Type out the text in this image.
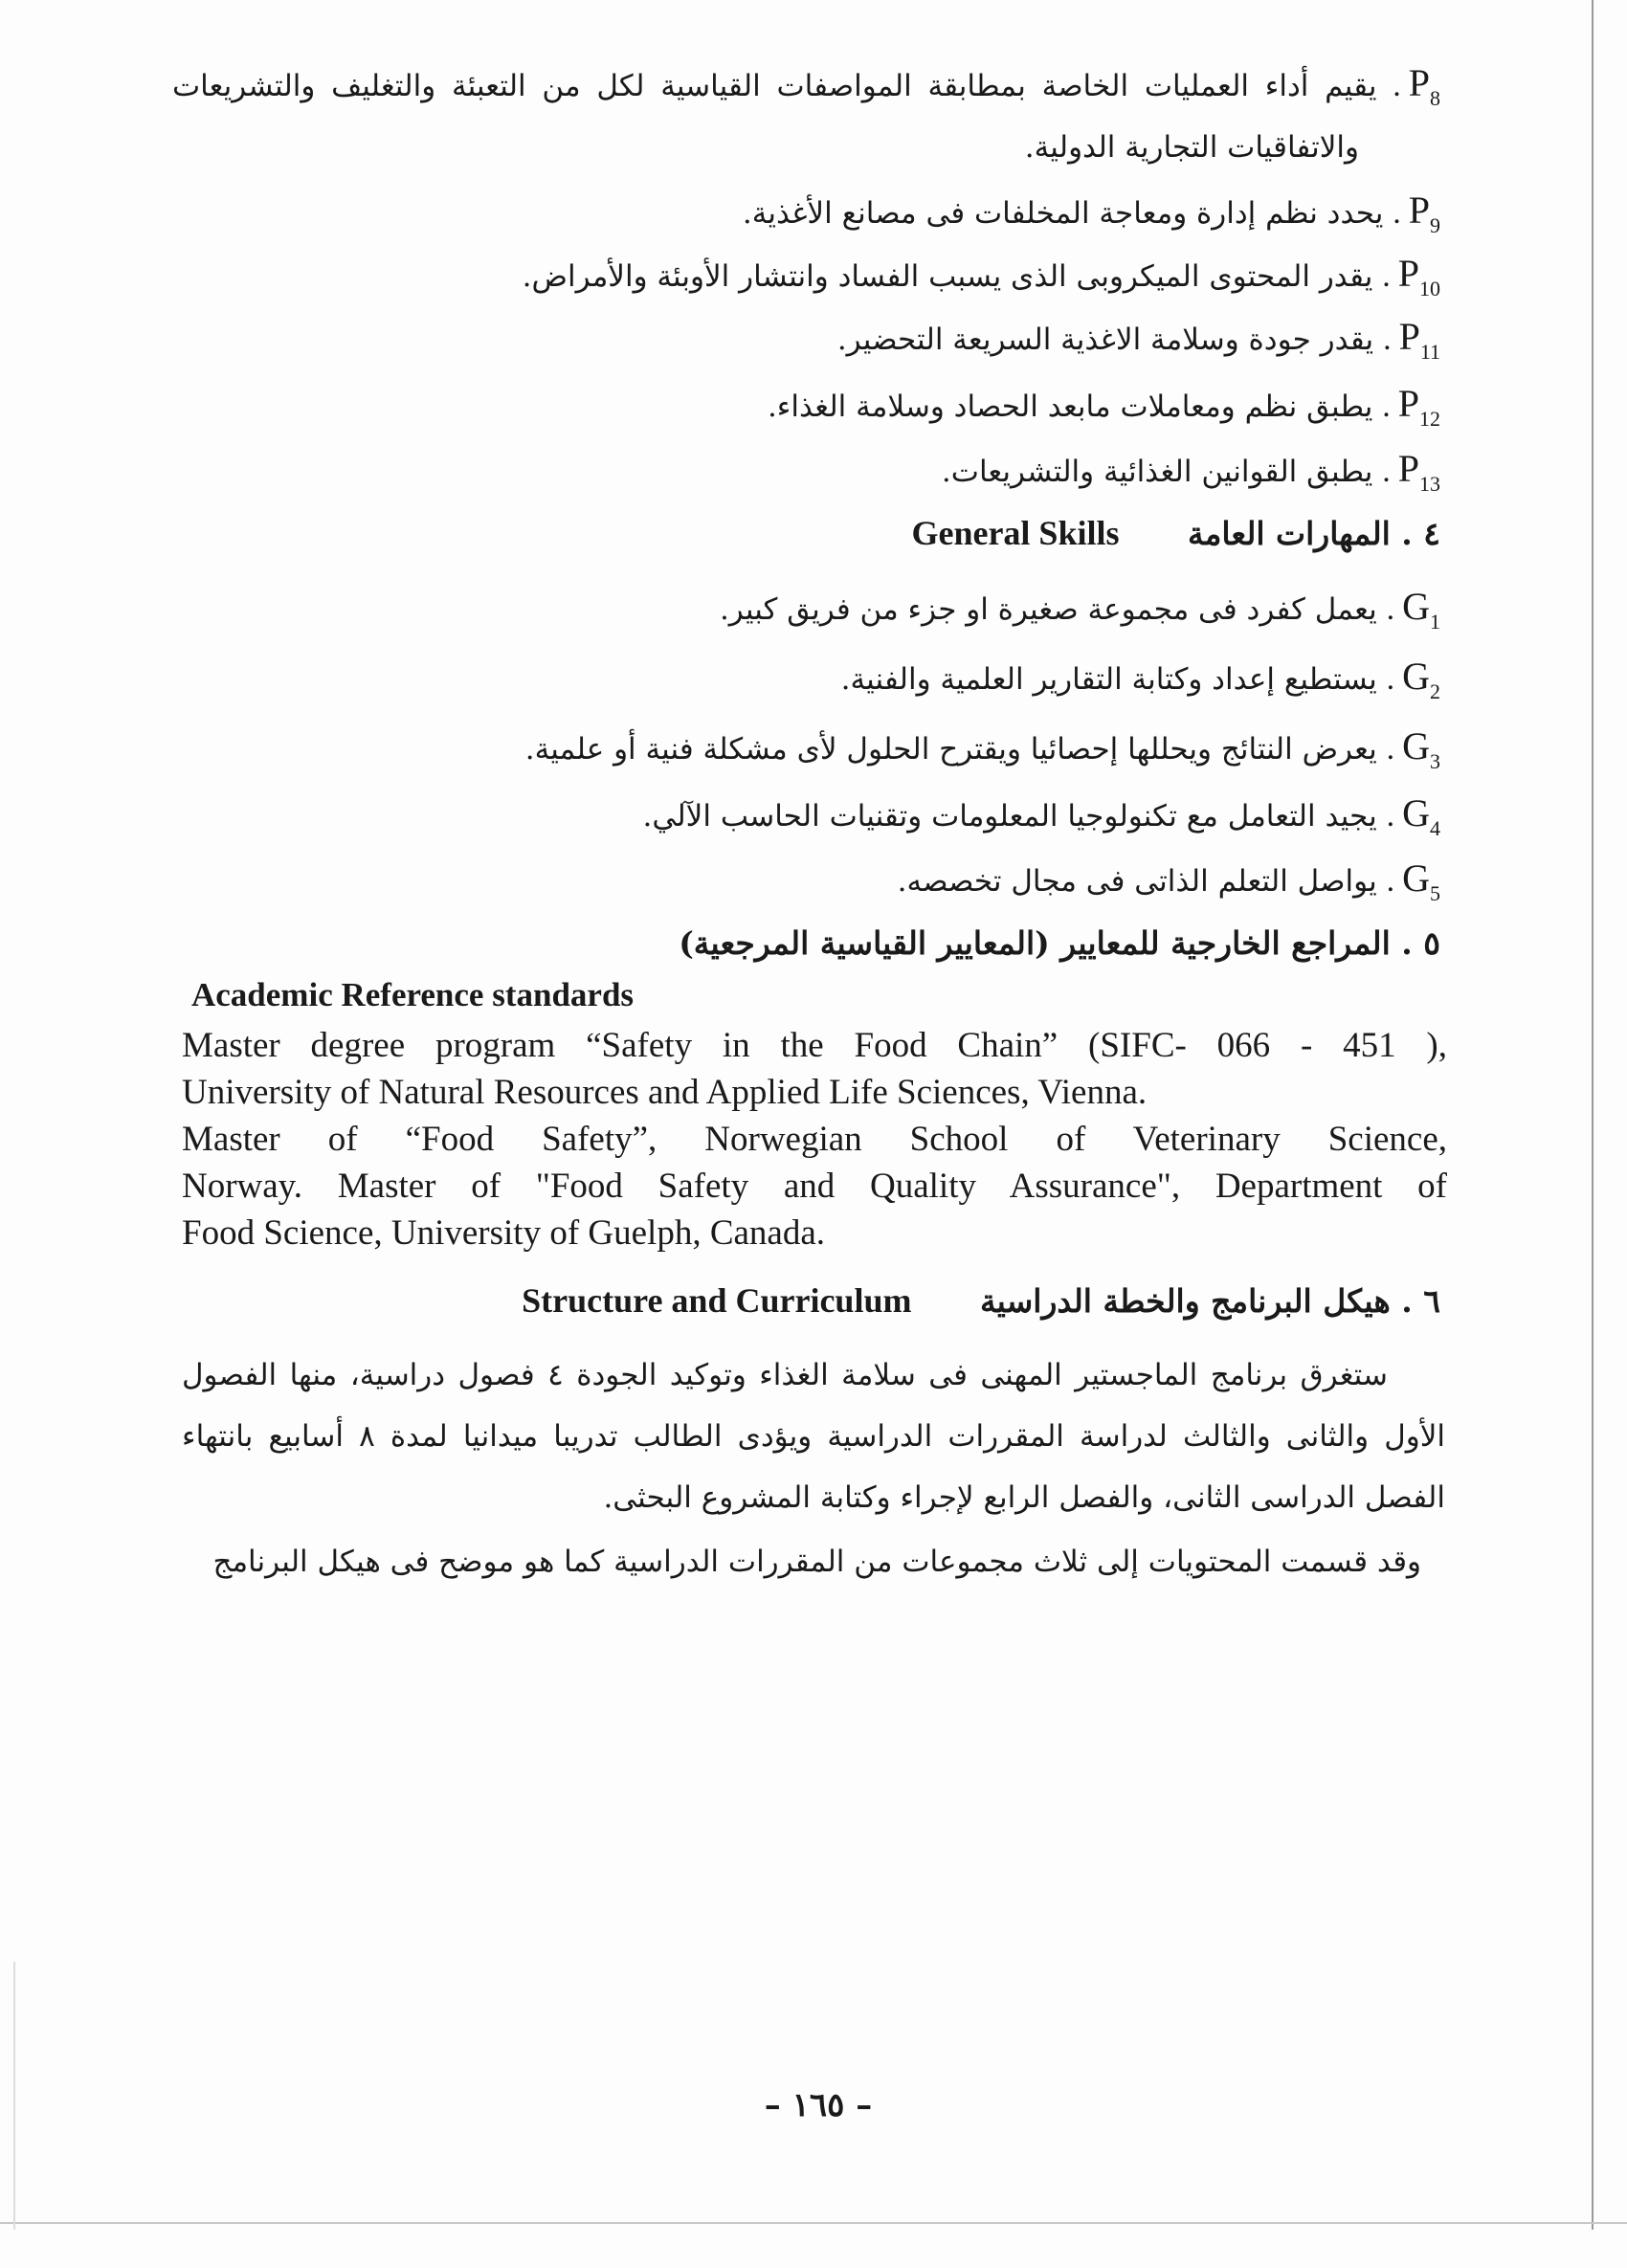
$P_8$. يقيم أداء العمليات الخاصة بمطابقة المواصفات القياسية لكل من التعبئة والتغليف والتشريعات
والاتفاقيات التجارية الدولية.
$P_9$. يحدد نظم إدارة ومعاجة المخلفات فى مصانع الأغذية.
$P_{10}$. يقدر المحتوى الميكروبى الذى يسبب الفساد وانتشار الأوبئة والأمراض.
$P_{11}$. يقدر جودة وسلامة الاغذية السريعة التحضير.
$P_{12}$. يطبق نظم ومعاملات مابعد الحصاد وسلامة الغذاء.
$P_{13}$. يطبق القوانين الغذائية والتشريعات.
٤ . المهارات العامة General Skills
$G_1$. يعمل كفرد فى مجموعة صغيرة او جزء من فريق كبير.
$G_2$. يستطيع إعداد وكتابة التقارير العلمية والفنية.
$G_3$. يعرض النتائج ويحللها إحصائيا ويقترح الحلول لأى مشكلة فنية أو علمية.
$G_4$. يجيد التعامل مع تكنولوجيا المعلومات وتقنيات الحاسب الآلي.
$G_5$. يواصل التعلم الذاتى فى مجال تخصصه.
٥ . المراجع الخارجية للمعايير (المعايير القياسية المرجعية)
Academic Reference standards
Master degree program “Safety in the Food Chain” (SIFC- 066 - 451 ),
University of Natural Resources and Applied Life Sciences, Vienna.
Master of “Food Safety”, Norwegian School of Veterinary Science,
Norway. Master of "Food Safety and Quality Assurance", Department of
Food Science, University of Guelph, Canada.
٦ . هيكل البرنامج والخطة الدراسية Structure and Curriculum
ستغرق برنامج الماجستير المهنى فى سلامة الغذاء وتوكيد الجودة ٤ فصول دراسية، منها الفصول
الأول والثانى والثالث لدراسة المقررات الدراسية ويؤدى الطالب تدريبا ميدانيا لمدة ٨ أسابيع بانتهاء
الفصل الدراسى الثانى، والفصل الرابع لإجراء وكتابة المشروع البحثى.
وقد قسمت المحتويات إلى ثلاث مجموعات من المقررات الدراسية كما هو موضح فى هيكل البرنامج
– ١٦٥ –
